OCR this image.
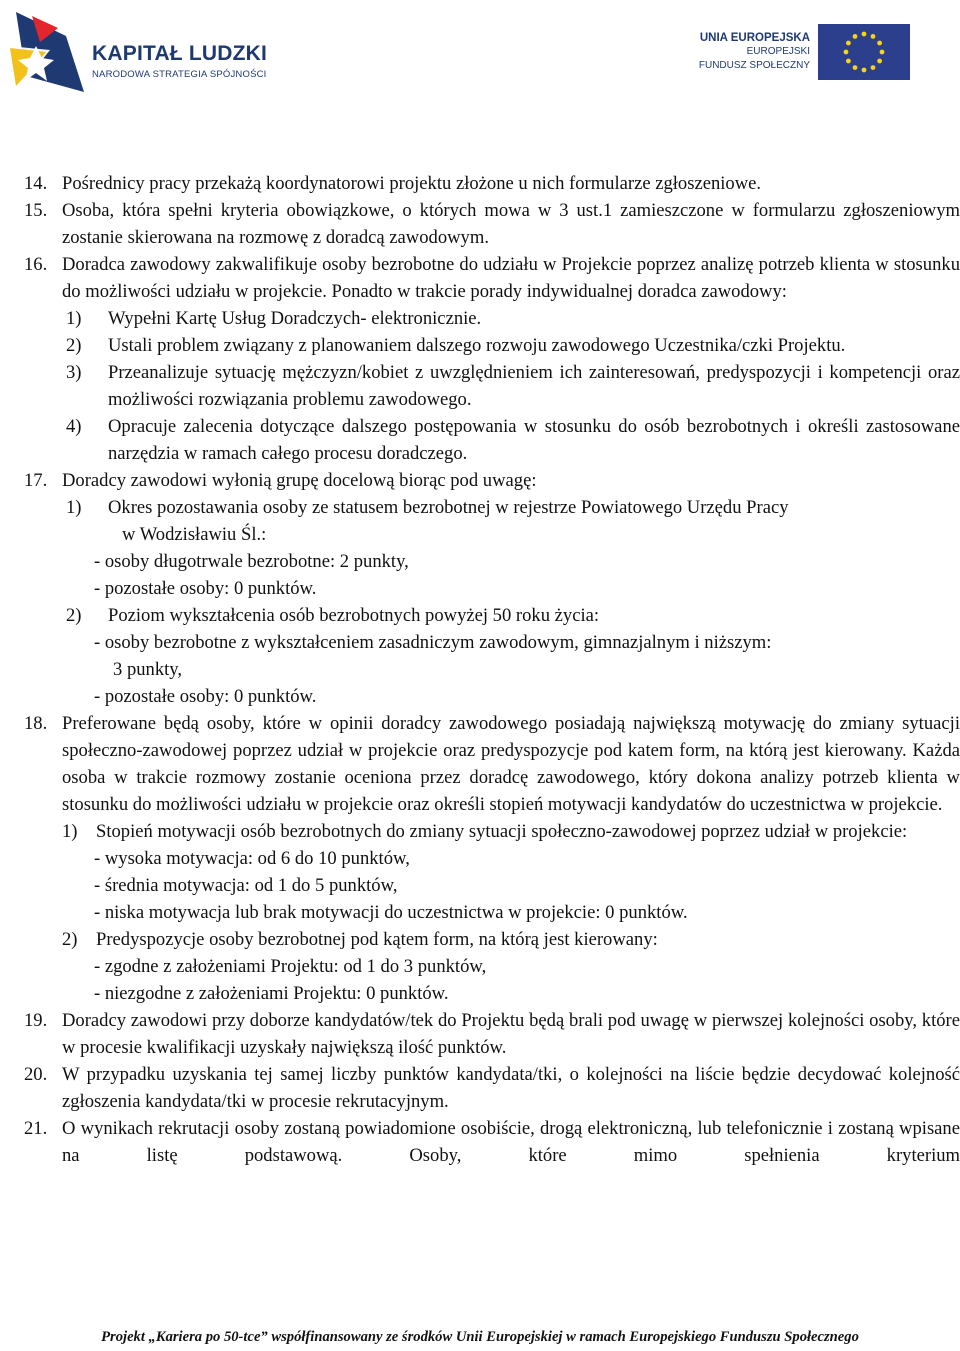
KAPITAŁ LUDZKI
NARODOWA STRATEGIA SPÓJNOŚCI
UNIA EUROPEJSKA
EUROPEJSKI
FUNDUSZ SPOŁECZNY
14. Pośrednicy pracy przekażą koordynatorowi projektu złożone u nich formularze zgłoszeniowe.
15. Osoba, która spełni kryteria obowiązkowe, o których mowa w 3 ust.1 zamieszczone w formularzu zgłoszeniowym zostanie skierowana na rozmowę z doradcą zawodowym.
16. Doradca zawodowy zakwalifikuje osoby bezrobotne do udziału w Projekcie poprzez analizę potrzeb klienta w stosunku do możliwości udziału w projekcie. Ponadto w trakcie porady indywidualnej doradca zawodowy:
1) Wypełni Kartę Usług Doradczych- elektronicznie.
2) Ustali problem związany z planowaniem dalszego rozwoju zawodowego Uczestnika/czki Projektu.
3) Przeanalizuje sytuację mężczyzn/kobiet z uwzględnieniem ich zainteresowań, predyspozycji i kompetencji oraz możliwości rozwiązania problemu zawodowego.
4) Opracuje zalecenia dotyczące dalszego postępowania w stosunku do osób bezrobotnych i określi zastosowane narzędzia w ramach całego procesu doradczego.
17. Doradcy zawodowi wyłonią grupę docelową biorąc pod uwagę:
1) Okres pozostawania osoby ze statusem bezrobotnej w rejestrze Powiatowego Urzędu Pracy
w Wodzisławiu Śl.:
- osoby długotrwale bezrobotne: 2 punkty,
- pozostałe osoby: 0 punktów.
2) Poziom wykształcenia osób bezrobotnych powyżej 50 roku życia:
- osoby bezrobotne z wykształceniem zasadniczym zawodowym, gimnazjalnym i niższym:
3 punkty,
- pozostałe osoby: 0 punktów.
18. Preferowane będą osoby, które w opinii doradcy zawodowego posiadają największą motywację do zmiany sytuacji społeczno-zawodowej poprzez udział w projekcie oraz predyspozycje pod katem form, na którą jest kierowany. Każda osoba w trakcie rozmowy zostanie oceniona przez doradcę zawodowego, który dokona analizy potrzeb klienta w stosunku do możliwości udziału w projekcie oraz określi stopień motywacji kandydatów do uczestnictwa w projekcie.
1) Stopień motywacji osób bezrobotnych do zmiany sytuacji społeczno-zawodowej poprzez udział w projekcie:
- wysoka motywacja: od 6 do 10 punktów,
- średnia motywacja: od 1 do 5 punktów,
- niska motywacja lub brak motywacji do uczestnictwa w projekcie: 0 punktów.
2) Predyspozycje osoby bezrobotnej pod kątem form, na którą jest kierowany:
- zgodne z założeniami Projektu: od 1 do 3 punktów,
- niezgodne z założeniami Projektu: 0 punktów.
19. Doradcy zawodowi przy doborze kandydatów/tek do Projektu będą brali pod uwagę w pierwszej kolejności osoby, które w procesie kwalifikacji uzyskały największą ilość punktów.
20. W przypadku uzyskania tej samej liczby punktów kandydata/tki, o kolejności na liście będzie decydować kolejność zgłoszenia kandydata/tki w procesie rekrutacyjnym.
21. O wynikach rekrutacji osoby zostaną powiadomione osobiście, drogą elektroniczną, lub telefonicznie i zostaną wpisane na listę podstawową. Osoby, które mimo spełnienia kryterium
Projekt „Kariera po 50-tce” współfinansowany ze środków Unii Europejskiej w ramach Europejskiego Funduszu Społecznego
